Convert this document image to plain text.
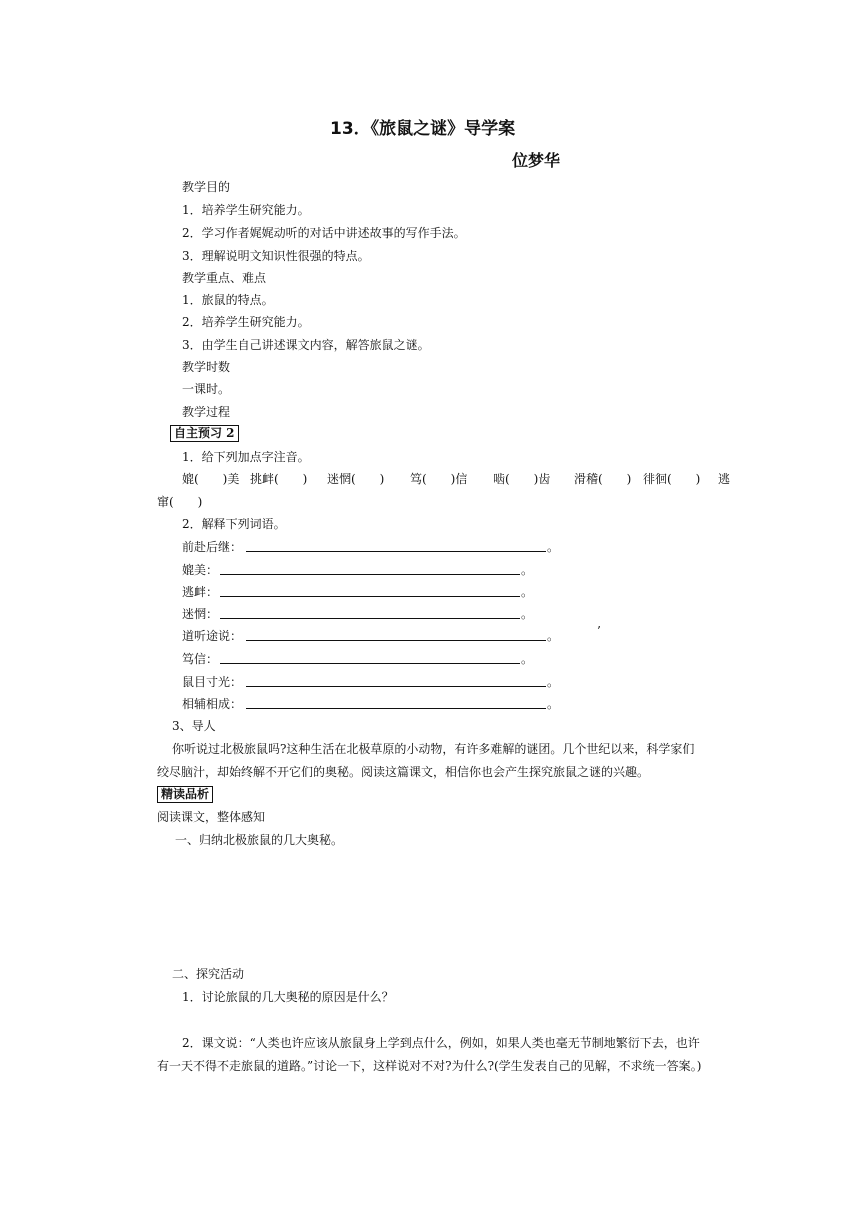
13．《旅鼠之谜》导学案
位梦华
教学目的
1．培养学生研究能力。
2．学习作者娓娓动听的对话中讲述故事的写作手法。
3．理解说明文知识性很强的特点。
教学重点、难点
1．旅鼠的特点。
2．培养学生研究能力。
3．由学生自己讲述课文内容，解答旅鼠之谜。
教学时数
一课时。
教学过程
自主预习 2
1．给下列加点字注音。
媲(　　)美 挑衅(　　) 迷惘(　　) 笃(　　)信 啮(　　)齿 滑稽(　　) 徘徊(　　) 逃
窜(　　)
2．解释下列词语。
前赴后继：	。
媲美：	。
逃衅：	。
迷惘：	。
道听途说：	。	’
笃信：	。
鼠目寸光：	。
相辅相成：	。
3、导人
你听说过北极旅鼠吗?这种生活在北极草原的小动物，有许多难解的谜团。几个世纪以来，科学家们
绞尽脑汁，却始终解不开它们的奥秘。阅读这篇课文，相信你也会产生探究旅鼠之谜的兴趣。
精读品析
阅读课文，整体感知
一、归纳北极旅鼠的几大奥秘。
二、探究活动
1．讨论旅鼠的几大奥秘的原因是什么？
2．课文说：“人类也许应该从旅鼠身上学到点什么，例如，如果人类也毫无节制地繁衍下去，也许
有一天不得不走旅鼠的道路。”讨论一下，这样说对不对?为什么?(学生发表自己的见解，不求统一答案。)
